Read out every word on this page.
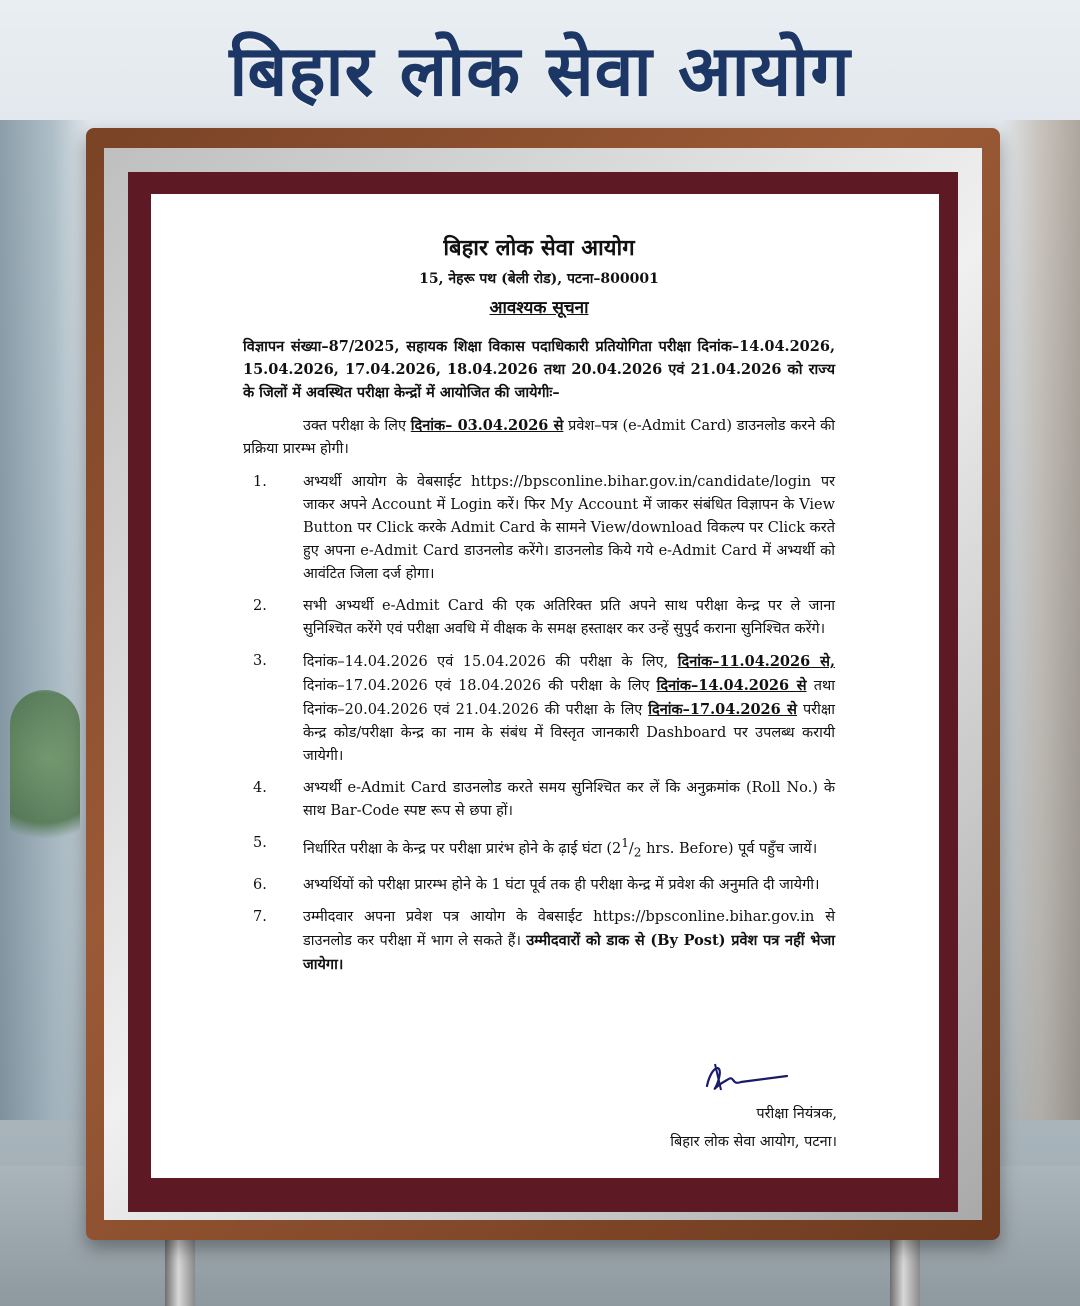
बिहार लोक सेवा आयोग

बिहार लोक सेवा आयोग

15, नेहरू पथ (बेली रोड), पटना–800001

आवश्यक सूचना

विज्ञापन संख्या–87/2025, सहायक शिक्षा विकास पदाधिकारी प्रतियोगिता परीक्षा दिनांक–14.04.2026, 15.04.2026, 17.04.2026, 18.04.2026 तथा 20.04.2026 एवं 21.04.2026 को राज्य के जिलों में अवस्थित परीक्षा केन्द्रों में आयोजित की जायेगीः–

उक्त परीक्षा के लिए दिनांक– 03.04.2026 से प्रवेश–पत्र (e-Admit Card) डाउनलोड करने की प्रक्रिया प्रारम्भ होगी।

1.	अभ्यर्थी आयोग के वेबसाईट https://bpsconline.bihar.gov.in/candidate/login पर जाकर अपने Account में Login करें। फिर My Account में जाकर संबंधित विज्ञापन के View Button पर Click करके Admit Card के सामने View/download विकल्प पर Click करते हुए अपना e-Admit Card डाउनलोड करेंगे। डाउनलोड किये गये e-Admit Card में अभ्यर्थी को आवंटित जिला दर्ज होगा।
2.	सभी अभ्यर्थी e-Admit Card की एक अतिरिक्त प्रति अपने साथ परीक्षा केन्द्र पर ले जाना सुनिश्चित करेंगे एवं परीक्षा अवधि में वीक्षक के समक्ष हस्ताक्षर कर उन्हें सुपुर्द कराना सुनिश्चित करेंगे।
3.	दिनांक–14.04.2026 एवं 15.04.2026 की परीक्षा के लिए, दिनांक–11.04.2026 से, दिनांक–17.04.2026 एवं 18.04.2026 की परीक्षा के लिए दिनांक–14.04.2026 से तथा दिनांक–20.04.2026 एवं 21.04.2026 की परीक्षा के लिए दिनांक–17.04.2026 से परीक्षा केन्द्र कोड/परीक्षा केन्द्र का नाम के संबंध में विस्तृत जानकारी Dashboard पर उपलब्ध करायी जायेगी।
4.	अभ्यर्थी e-Admit Card डाउनलोड करते समय सुनिश्चित कर लें कि अनुक्रमांक (Roll No.) के साथ Bar-Code स्पष्ट रूप से छपा हों।
5.	निर्धारित परीक्षा के केन्द्र पर परीक्षा प्रारंभ होने के ढ़ाई घंटा ($2^1/_2$ hrs. Before) पूर्व पहुँच जायें।
6.	अभ्यर्थियों को परीक्षा प्रारम्भ होने के 1 घंटा पूर्व तक ही परीक्षा केन्द्र में प्रवेश की अनुमति दी जायेगी।
7.	उम्मीदवार अपना प्रवेश पत्र आयोग के वेबसाईट https://bpsconline.bihar.gov.in से डाउनलोड कर परीक्षा में भाग ले सकते हैं। उम्मीदवारों को डाक से (By Post) प्रवेश पत्र नहीं भेजा जायेगा।
परीक्षा नियंत्रक,
बिहार लोक सेवा आयोग, पटना।
